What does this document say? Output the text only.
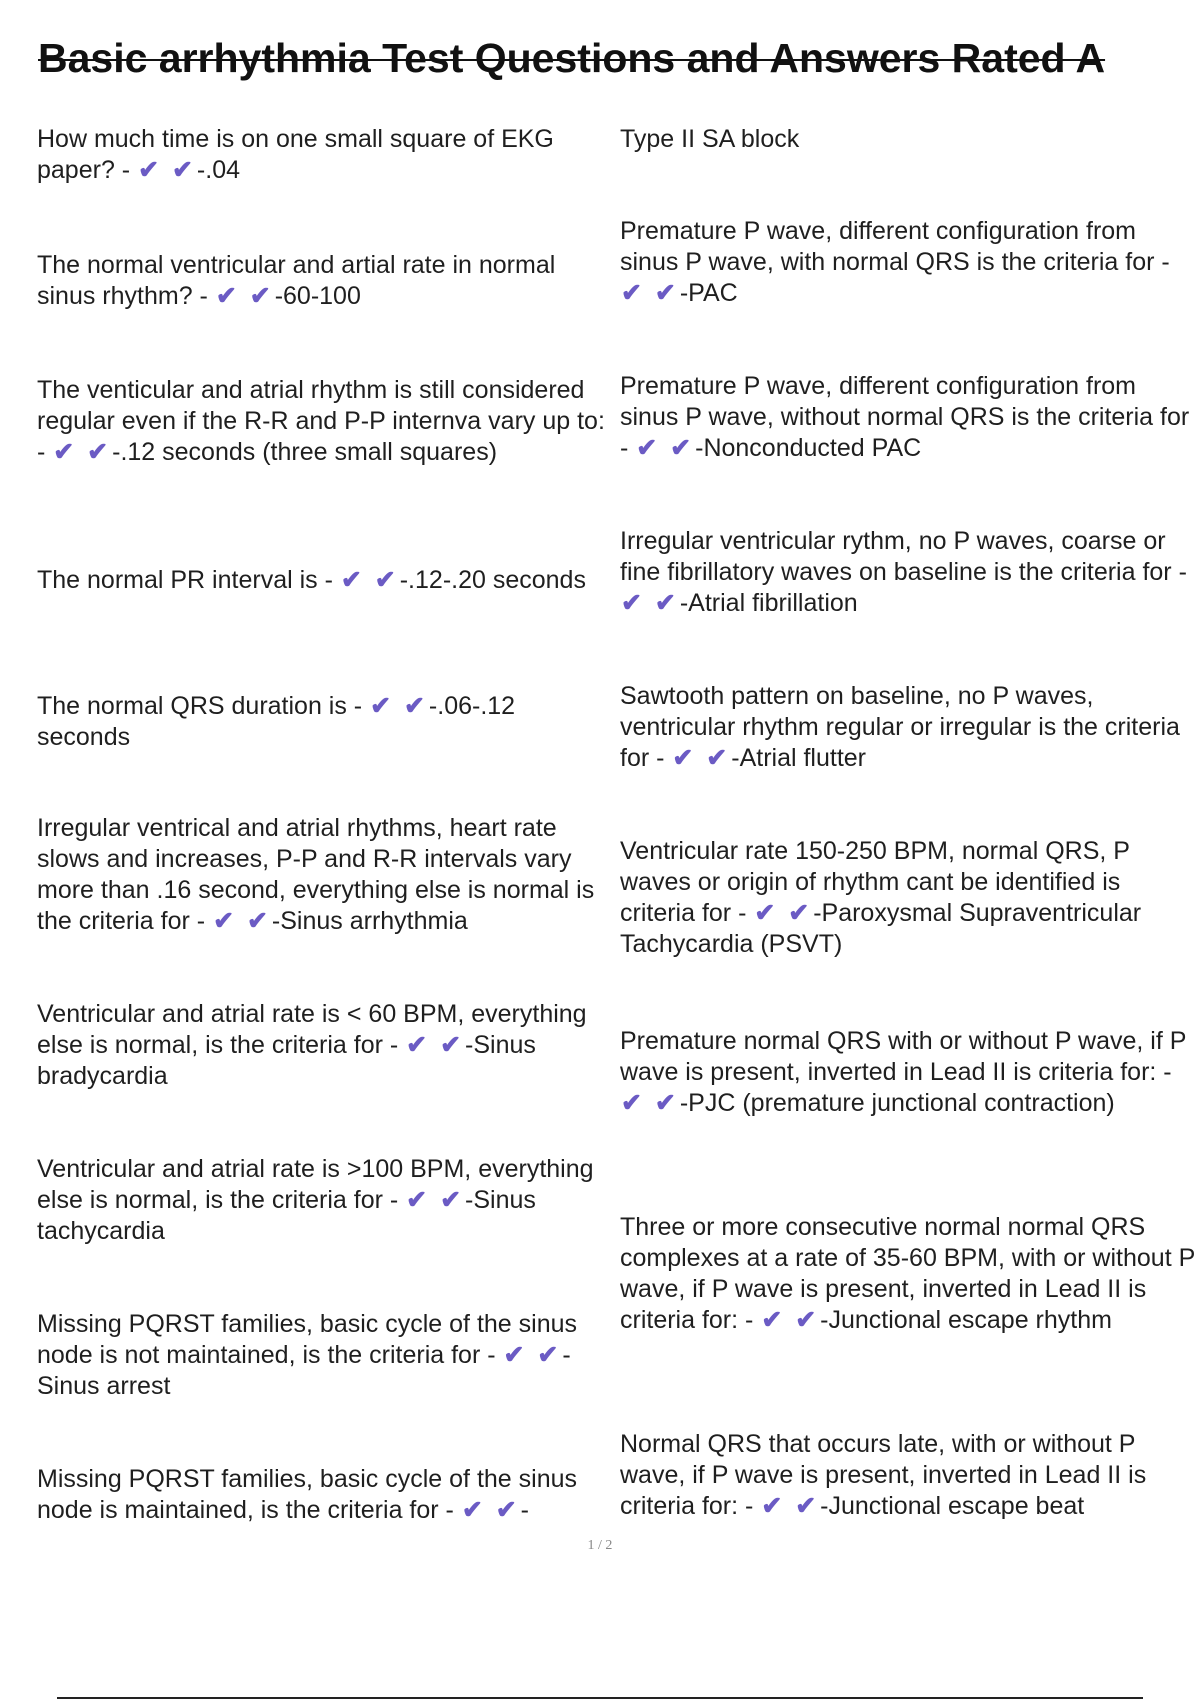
Basic arrhythmia Test Questions and Answers Rated A

How much time is on one small square of EKG paper? - ✔ ✔-.04

The normal ventricular and artial rate in normal sinus rhythm? - ✔ ✔-60-100

The venticular and atrial rhythm is still considered regular even if the R-R and P-P internva vary up to: - ✔ ✔-.12 seconds (three small squares)

The normal PR interval is - ✔ ✔-.12-.20 seconds

The normal QRS duration is - ✔ ✔-.06-.12 seconds

Irregular ventrical and atrial rhythms, heart rate slows and increases, P-P and R-R intervals vary more than .16 second, everything else is normal is the criteria for - ✔ ✔-Sinus arrhythmia

Ventricular and atrial rate is < 60 BPM, everything else is normal, is the criteria for - ✔ ✔-Sinus bradycardia

Ventricular and atrial rate is >100 BPM, everything else is normal, is the criteria for - ✔ ✔-Sinus tachycardia

Missing PQRST families, basic cycle of the sinus node is not maintained, is the criteria for - ✔ ✔-Sinus arrest

Missing PQRST families, basic cycle of the sinus node is maintained, is the criteria for - ✔ ✔-

Type II SA block

Premature P wave, different configuration from sinus P wave, with normal QRS is the criteria for - ✔ ✔-PAC

Premature P wave, different configuration from sinus P wave, without normal QRS is the criteria for - ✔ ✔-Nonconducted PAC

Irregular ventricular rythm, no P waves, coarse or fine fibrillatory waves on baseline is the criteria for - ✔ ✔-Atrial fibrillation

Sawtooth pattern on baseline, no P waves, ventricular rhythm regular or irregular is the criteria for - ✔ ✔-Atrial flutter

Ventricular rate 150-250 BPM, normal QRS, P waves or origin of rhythm cant be identified is criteria for - ✔ ✔-Paroxysmal Supraventricular Tachycardia (PSVT)

Premature normal QRS with or without P wave, if P wave is present, inverted in Lead II is criteria for: - ✔ ✔-PJC (premature junctional contraction)

Three or more consecutive normal normal QRS complexes at a rate of 35-60 BPM, with or without P wave, if P wave is present, inverted in Lead II is criteria for: - ✔ ✔-Junctional escape rhythm

Normal QRS that occurs late, with or without P wave, if P wave is present, inverted in Lead II is criteria for: - ✔ ✔-Junctional escape beat

1 / 2
